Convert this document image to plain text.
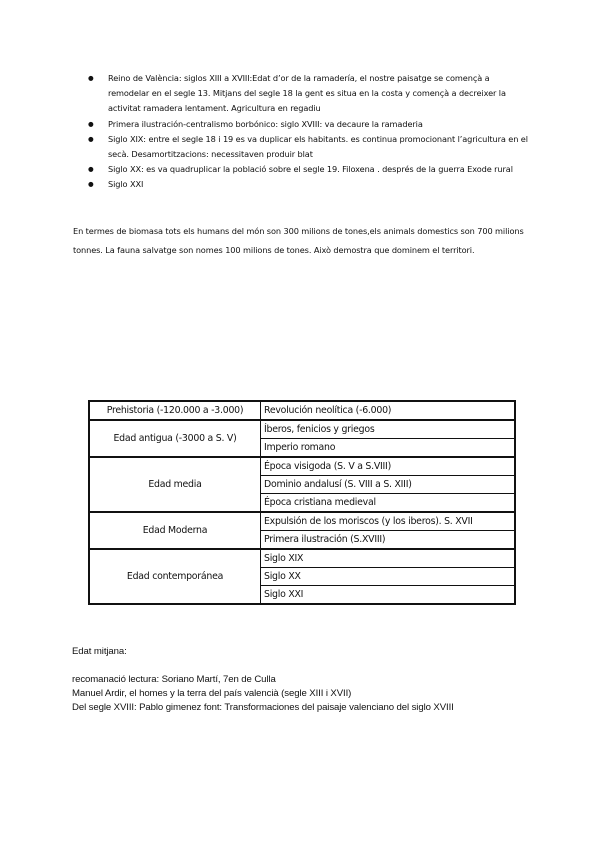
● Reino de València: siglos XIII a XVIII:Edat d’or de la ramadería, el nostre paisatge se començà a remodelar en el segle 13. Mitjans del segle 18 la gent es situa en la costa y començà a decreixer la activitat ramadera lentament. Agricultura en regadiu
● Primera ilustración-centralismo borbónico: siglo XVIII: va decaure la ramaderia
● Siglo XIX: entre el segle 18 i 19 es va duplicar els habitants. es continua promocionant l’agricultura en el secà. Desamortitzacions: necessitaven produir blat
● Siglo XX: es va quadruplicar la població sobre el segle 19. Filoxena . després de la guerra Exode rural
● Siglo XXI

En termes de biomasa tots els humans del món son 300 milions de tones,els animals domestics son 700 milions tonnes. La fauna salvatge son nomes 100 milions de tones. Això demostra que dominem el territori.

Prehistoria (-120.000 a -3.000)	Revolución neolítica (-6.000)
Edad antigua (-3000 a S. V)	Íberos, fenicios y griegos
	Imperio romano
Edad media	Época visigoda (S. V a S.VIII)
	Dominio andalusí (S. VIII a S. XIII)
	Época cristiana medieval
Edad Moderna	Expulsión de los moriscos (y los iberos). S. XVII
	Primera ilustración (S.XVIII)
Edad contemporánea	Siglo XIX
	Siglo XX
	Siglo XXI
Edat mitjana:
recomanació lectura: Soriano Martí, 7en de Culla
Manuel Ardir, el homes y la terra del país valencià (segle XIII i XVII)
Del segle XVIII: Pablo gimenez font: Transformaciones del paisaje valenciano del siglo XVIII
